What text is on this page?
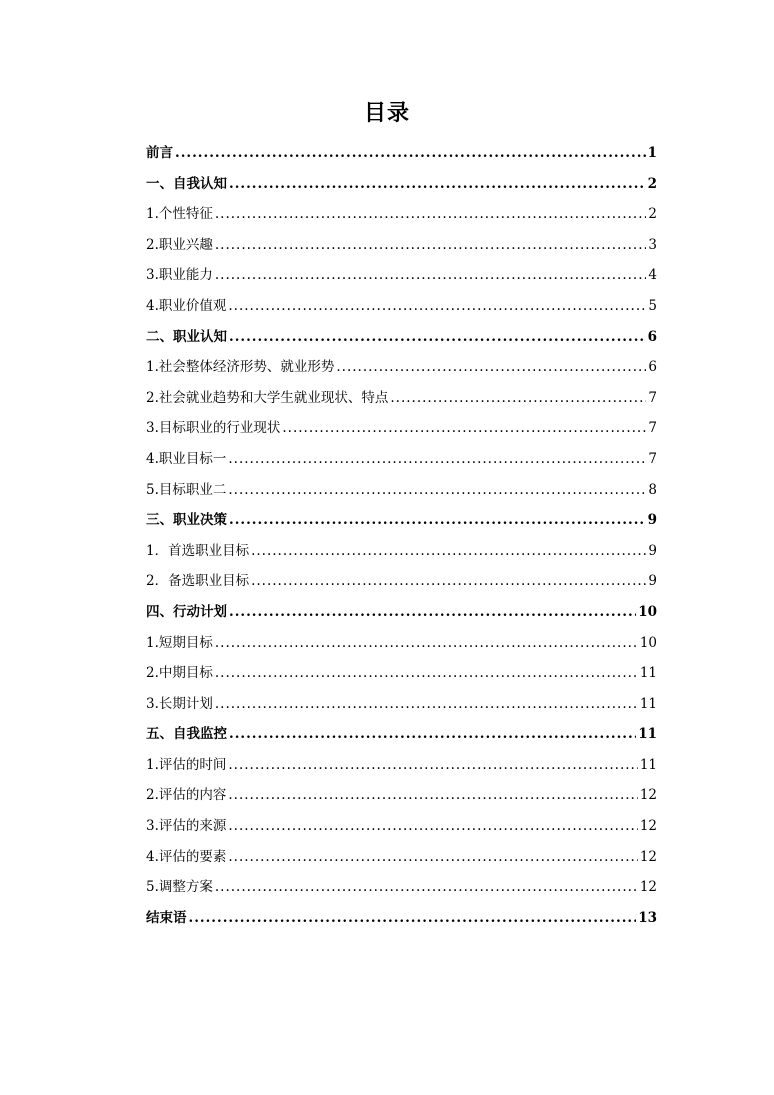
目录
前言 .....	1
一、自我认知 .....	2
1.个性特征 .....	2
2.职业兴趣 .....	3
3.职业能力 .....	4
4.职业价值观 .....	5
二、职业认知 .....	6
1.社会整体经济形势、就业形势 .....	6
2.社会就业趋势和大学生就业现状、特点 .....	7
3.目标职业的行业现状 .....	7
4.职业目标一 .....	7
5.目标职业二 .....	8
三、职业决策 .....	9
1．首选职业目标 .....	9
2．备选职业目标 .....	9
四、行动计划 .....	10
1.短期目标 .....	10
2.中期目标 .....	11
3.长期计划 .....	11
五、自我监控 .....	11
1.评估的时间 .....	11
2.评估的内容 .....	12
3.评估的来源 .....	12
4.评估的要素 .....	12
5.调整方案 .....	12
结束语 .....	13
